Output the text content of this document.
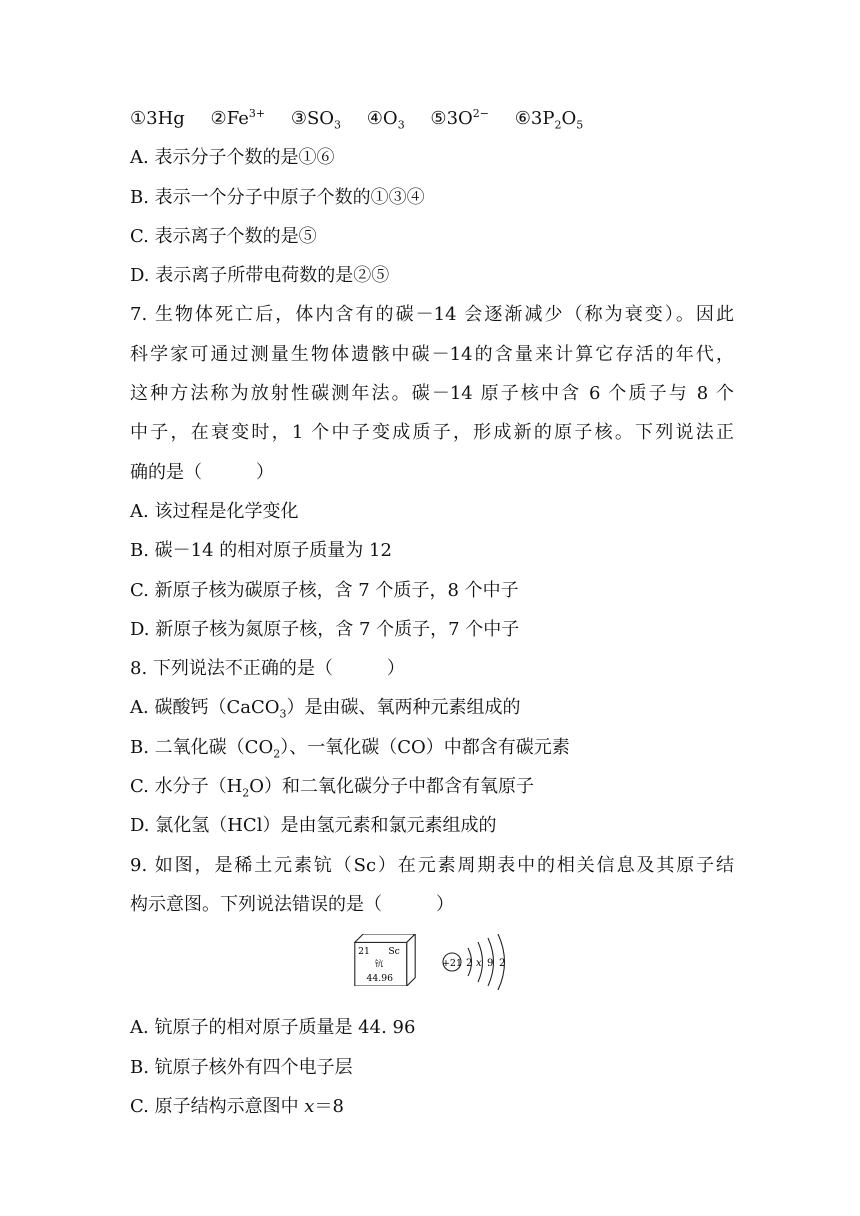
①3Hg $②Fe^{3+}$ $③SO_3$ $④O_3$ $⑤3O^{2-}$ $⑥3P_2O_5$
A. 表示分子个数的是①⑥
B. 表示一个分子中原子个数的①③④
C. 表示离子个数的是⑤
D. 表示离子所带电荷数的是②⑤
7. 生物体死亡后，体内含有的碳－14 会逐渐减少（称为衰变）。因此
科学家可通过测量生物体遗骸中碳－14的含量来计算它存活的年代，
这种方法称为放射性碳测年法。碳－14 原子核中含 6 个质子与 8 个
中子，在衰变时，1 个中子变成质子，形成新的原子核。下列说法正
确的是（　　　）
A. 该过程是化学变化
B. 碳－14 的相对原子质量为 12
C. 新原子核为碳原子核，含 7 个质子，8 个中子
D. 新原子核为氮原子核，含 7 个质子，7 个中子
8. 下列说法不正确的是（　　　）
A. 碳酸钙（CaCO$_3$）是由碳、氧两种元素组成的
B. 二氧化碳$(CO_2)$、一氧化碳（CO）中都含有碳元素
C. 水分子$(H_2O)$和二氧化碳分子中都含有氧原子
D. 氯化氢（HCl）是由氢元素和氯元素组成的
9. 如图，是稀土元素钪（Sc）在元素周期表中的相关信息及其原子结
构示意图。下列说法错误的是（　　　）
21 Sc
钪
44.96
+21 2 x 9 2
A. 钪原子的相对原子质量是 44. 96
B. 钪原子核外有四个电子层
C. 原子结构示意图中 x＝8
